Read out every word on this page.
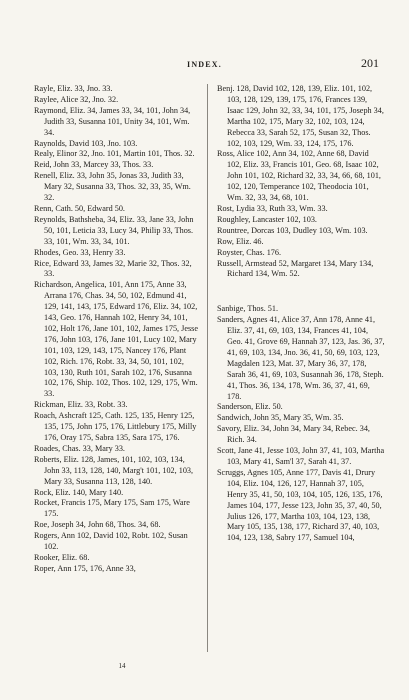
INDEX.	201
Rayle, Eliz. 33, Jno. 33.
Raylee, Alice 32, Jno. 32.
Raymond, Eliz. 34, James 33, 34, 101, John 34, Judith 33, Susanna 101, Unity 34, 101, Wm. 34.
Raynolds, David 103, Jno. 103.
Realy, Elinor 32, Jno. 101, Martin 101, Thos. 32.
Reid, John 33, Marcey 33, Thos. 33.
Renell, Eliz. 33, John 35, Jonas 33, Judith 33, Mary 32, Susanna 33, Thos. 32, 33, 35, Wm. 32.
Renn, Cath. 50, Edward 50.
Reynolds, Bathsheba, 34, Eliz. 33, Jane 33, John 50, 101, Leticia 33, Lucy 34, Philip 33, Thos. 33, 101, Wm. 33, 34, 101.
Rhodes, Geo. 33, Henry 33.
Rice, Edward 33, James 32, Marie 32, Thos. 32, 33.
Richardson, Angelica, 101, Ann 175, Anne 33, Arrana 176, Chas. 34, 50, 102, Edmund 41, 129, 141, 143, 175, Edward 176, Eliz. 34, 102, 143, Geo. 176, Hannah 102, Henry 34, 101, 102, Holt 176, Jane 101, 102, James 175, Jesse 176, John 103, 176, Jane 101, Lucy 102, Mary 101, 103, 129, 143, 175, Nancey 176, Plant 102, Rich. 176, Robt. 33, 34, 50, 101, 102, 103, 130, Ruth 101, Sarah 102, 176, Susanna 102, 176, Ship. 102, Thos. 102, 129, 175, Wm. 33.
Rickman, Eliz. 33, Robt. 33.
Roach, Ashcraft 125, Cath. 125, 135, Henry 125, 135, 175, John 175, 176, Littlebury 175, Milly 176, Oray 175, Sabra 135, Sara 175, 176.
Roades, Chas. 33, Mary 33.
Roberts, Eliz. 128, James, 101, 102, 103, 134, John 33, 113, 128, 140, Marg't 101, 102, 103, Mary 33, Susanna 113, 128, 140.
Rock, Eliz. 140, Mary 140.
Rocket, Francis 175, Mary 175, Sam 175, Ware 175.
Roe, Joseph 34, John 68, Thos. 34, 68.
Rogers, Ann 102, David 102, Robt. 102, Susan 102.
Rooker, Eliz. 68.
Roper, Ann 175, 176, Anne 33,
Benj. 128, David 102, 128, 139, Eliz. 101, 102, 103, 128, 129, 139, 175, 176, Frances 139, Isaac 129, John 32, 33, 34, 101, 175, Joseph 34, Martha 102, 175, Mary 32, 102, 103, 124, Rebecca 33, Sarah 52, 175, Susan 32, Thos. 102, 103, 129, Wm. 33, 124, 175, 176.
Ross, Alice 102, Ann 34, 102, Anne 68, David 102, Eliz. 33, Francis 101, Geo. 68, Isaac 102, John 101, 102, Richard 32, 33, 34, 66, 68, 101, 102, 120, Temperance 102, Theodocia 101, Wm. 32, 33, 34, 68, 101.
Rost, Lydia 33, Ruth 33, Wm. 33.
Roughley, Lancaster 102, 103.
Rountree, Dorcas 103, Dudley 103, Wm. 103.
Row, Eliz. 46.
Royster, Chas. 176.
Russell, Armstead 52, Margaret 134, Mary 134, Richard 134, Wm. 52.
Sanbige, Thos. 51.
Sanders, Agnes 41, Alice 37, Ann 178, Anne 41, Eliz. 37, 41, 69, 103, 134, Frances 41, 104, Geo. 41, Grove 69, Hannah 37, 123, Jas. 36, 37, 41, 69, 103, 134, Jno. 36, 41, 50, 69, 103, 123, Magdalen 123, Mat. 37, Mary 36, 37, 178, Sarah 36, 41, 69, 103, Susannah 36, 178, Steph. 41, Thos. 36, 134, 178, Wm. 36, 37, 41, 69, 178.
Sanderson, Eliz. 50.
Sandwich, John 35, Mary 35, Wm. 35.
Savory, Eliz. 34, John 34, Mary 34, Rebec. 34, Rich. 34.
Scott, Jane 41, Jesse 103, John 37, 41, 103, Martha 103, Mary 41, Sam'l 37, Sarah 41, 37.
Scruggs, Agnes 105, Anne 177, Davis 41, Drury 104, Eliz. 104, 126, 127, Hannah 37, 105, Henry 35, 41, 50, 103, 104, 105, 126, 135, 176, James 104, 177, Jesse 123, John 35, 37, 40, 50, Julius 126, 177, Martha 103, 104, 123, 138, Mary 105, 135, 138, 177, Richard 37, 40, 103, 104, 123, 138, Sabry 177, Samuel 104,
14
